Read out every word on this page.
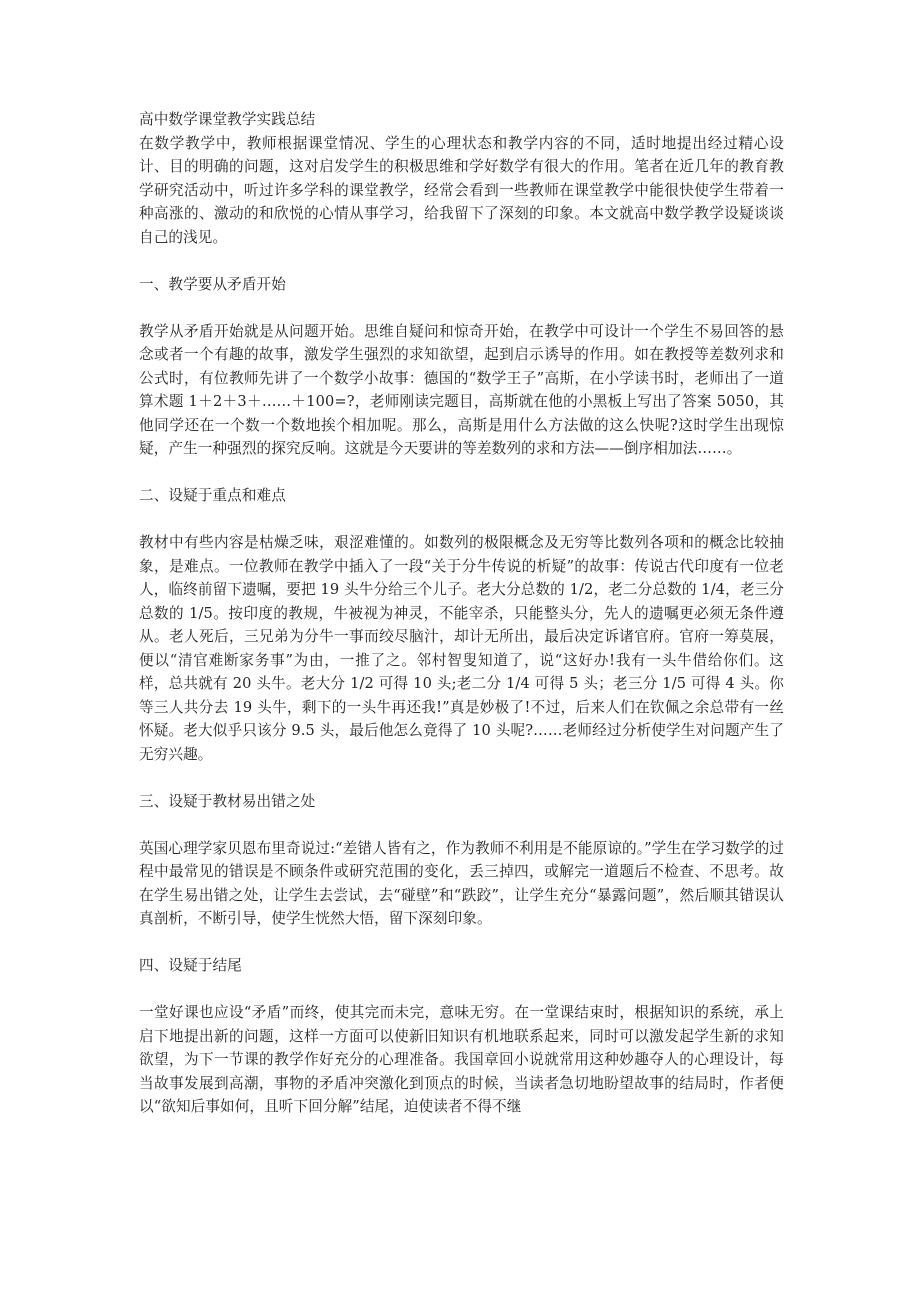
高中数学课堂教学实践总结

在数学教学中，教师根据课堂情况、学生的心理状态和教学内容的不同，适时地提出经过精心设计、目的明确的问题，这对启发学生的积极思维和学好数学有很大的作用。笔者在近几年的教育教学研究活动中，听过许多学科的课堂教学，经常会看到一些教师在课堂教学中能很快使学生带着一种高涨的、激动的和欣悦的心情从事学习，给我留下了深刻的印象。本文就高中数学教学设疑谈谈自己的浅见。

一、教学要从矛盾开始

教学从矛盾开始就是从问题开始。思维自疑问和惊奇开始，在教学中可设计一个学生不易回答的悬念或者一个有趣的故事，激发学生强烈的求知欲望，起到启示诱导的作用。如在教授等差数列求和公式时，有位教师先讲了一个数学小故事：德国的“数学王子”高斯，在小学读书时，老师出了一道算术题 1＋2＋3＋……＋100=?，老师刚读完题目，高斯就在他的小黑板上写出了答案 5050，其他同学还在一个数一个数地挨个相加呢。那么，高斯是用什么方法做的这么快呢?这时学生出现惊疑，产生一种强烈的探究反响。这就是今天要讲的等差数列的求和方法——倒序相加法……。

二、设疑于重点和难点

教材中有些内容是枯燥乏味，艰涩难懂的。如数列的极限概念及无穷等比数列各项和的概念比较抽象，是难点。一位教师在教学中插入了一段“关于分牛传说的析疑”的故事：传说古代印度有一位老人，临终前留下遗嘱，要把 19 头牛分给三个儿子。老大分总数的 1/2，老二分总数的 1/4，老三分总数的 1/5。按印度的教规，牛被视为神灵，不能宰杀，只能整头分，先人的遗嘱更必须无条件遵从。老人死后，三兄弟为分牛一事而绞尽脑汁，却计无所出，最后决定诉诸官府。官府一筹莫展，便以“清官难断家务事”为由，一推了之。邻村智叟知道了，说“这好办!我有一头牛借给你们。这样，总共就有 20 头牛。老大分 1/2 可得 10 头;老二分 1/4 可得 5 头；老三分 1/5 可得 4 头。你等三人共分去 19 头牛，剩下的一头牛再还我!”真是妙极了!不过，后来人们在钦佩之余总带有一丝怀疑。老大似乎只该分 9.5 头，最后他怎么竟得了 10 头呢?……老师经过分析使学生对问题产生了无穷兴趣。

三、设疑于教材易出错之处

英国心理学家贝恩布里奇说过:“差错人皆有之，作为教师不利用是不能原谅的。”学生在学习数学的过程中最常见的错误是不顾条件或研究范围的变化，丢三掉四，或解完一道题后不检查、不思考。故在学生易出错之处，让学生去尝试，去“碰壁”和“跌跤”，让学生充分“暴露问题”，然后顺其错误认真剖析，不断引导，使学生恍然大悟，留下深刻印象。

四、设疑于结尾

一堂好课也应设“矛盾”而终，使其完而未完，意味无穷。在一堂课结束时，根据知识的系统，承上启下地提出新的问题，这样一方面可以使新旧知识有机地联系起来，同时可以激发起学生新的求知欲望，为下一节课的教学作好充分的心理准备。我国章回小说就常用这种妙趣夺人的心理设计，每当故事发展到高潮，事物的矛盾冲突激化到顶点的时候，当读者急切地盼望故事的结局时，作者便以“欲知后事如何，且听下回分解”结尾，迫使读者不得不继
